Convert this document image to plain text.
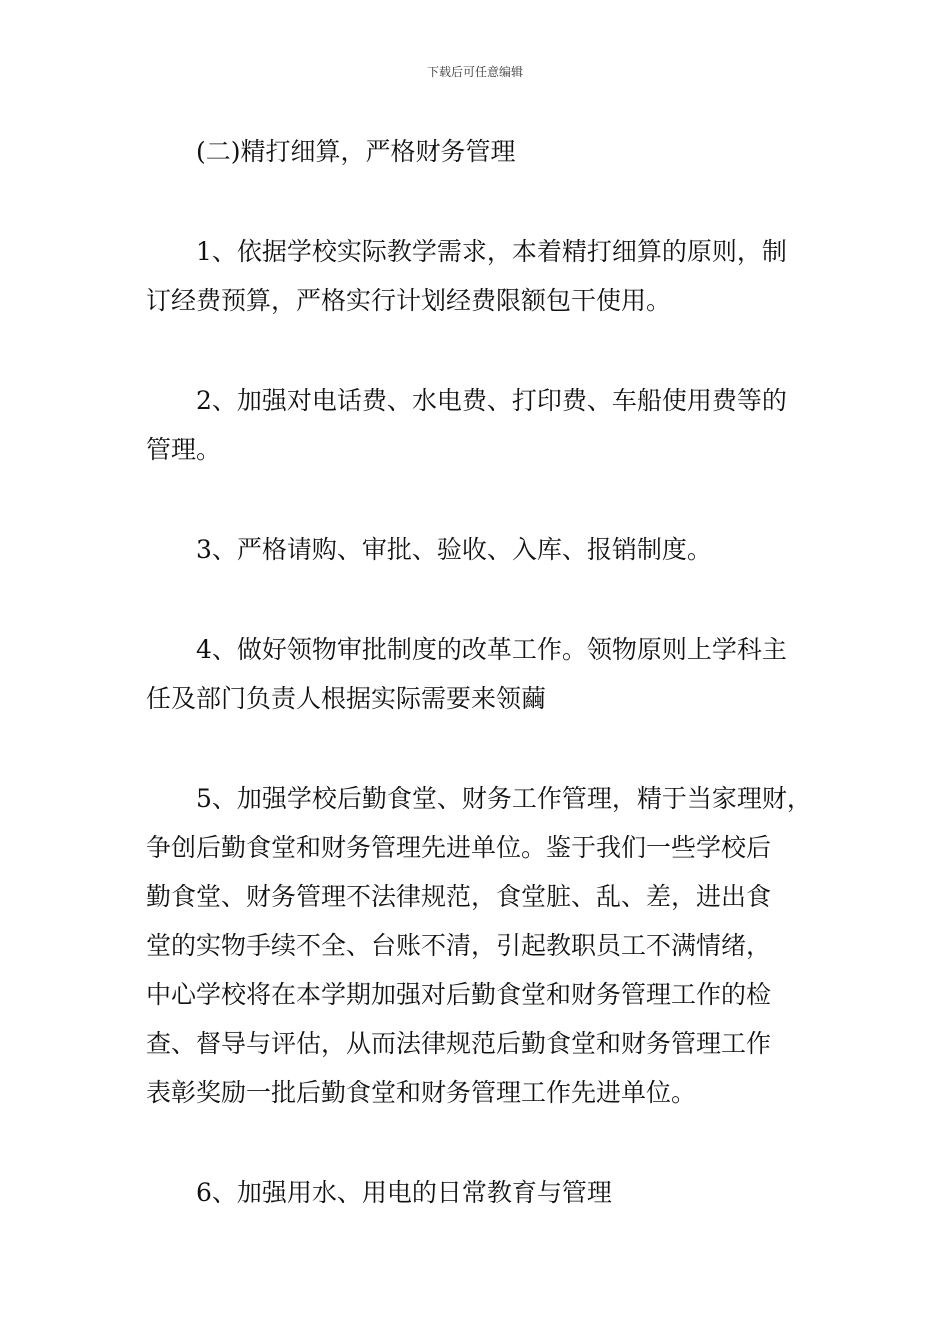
下载后可任意编辑

(二)精打细算，严格财务管理

1、依据学校实际教学需求，本着精打细算的原则，制
订经费预算，严格实行计划经费限额包干使用。

2、加强对电话费、水电费、打印费、车船使用费等的
管理。

3、严格请购、审批、验收、入库、报销制度。

4、做好领物审批制度的改革工作。领物原则上学科主
任及部门负责人根据实际需要来领繭

5、加强学校后勤食堂、财务工作管理，精于当家理财，
争创后勤食堂和财务管理先进单位。鉴于我们一些学校后
勤食堂、财务管理不法律规范，食堂脏、乱、差，进出食
堂的实物手续不全、台账不清，引起教职员工不满情绪，
中心学校将在本学期加强对后勤食堂和财务管理工作的检
查、督导与评估，从而法律规范后勤食堂和财务管理工作
表彰奖励一批后勤食堂和财务管理工作先进单位。

6、加强用水、用电的日常教育与管理
